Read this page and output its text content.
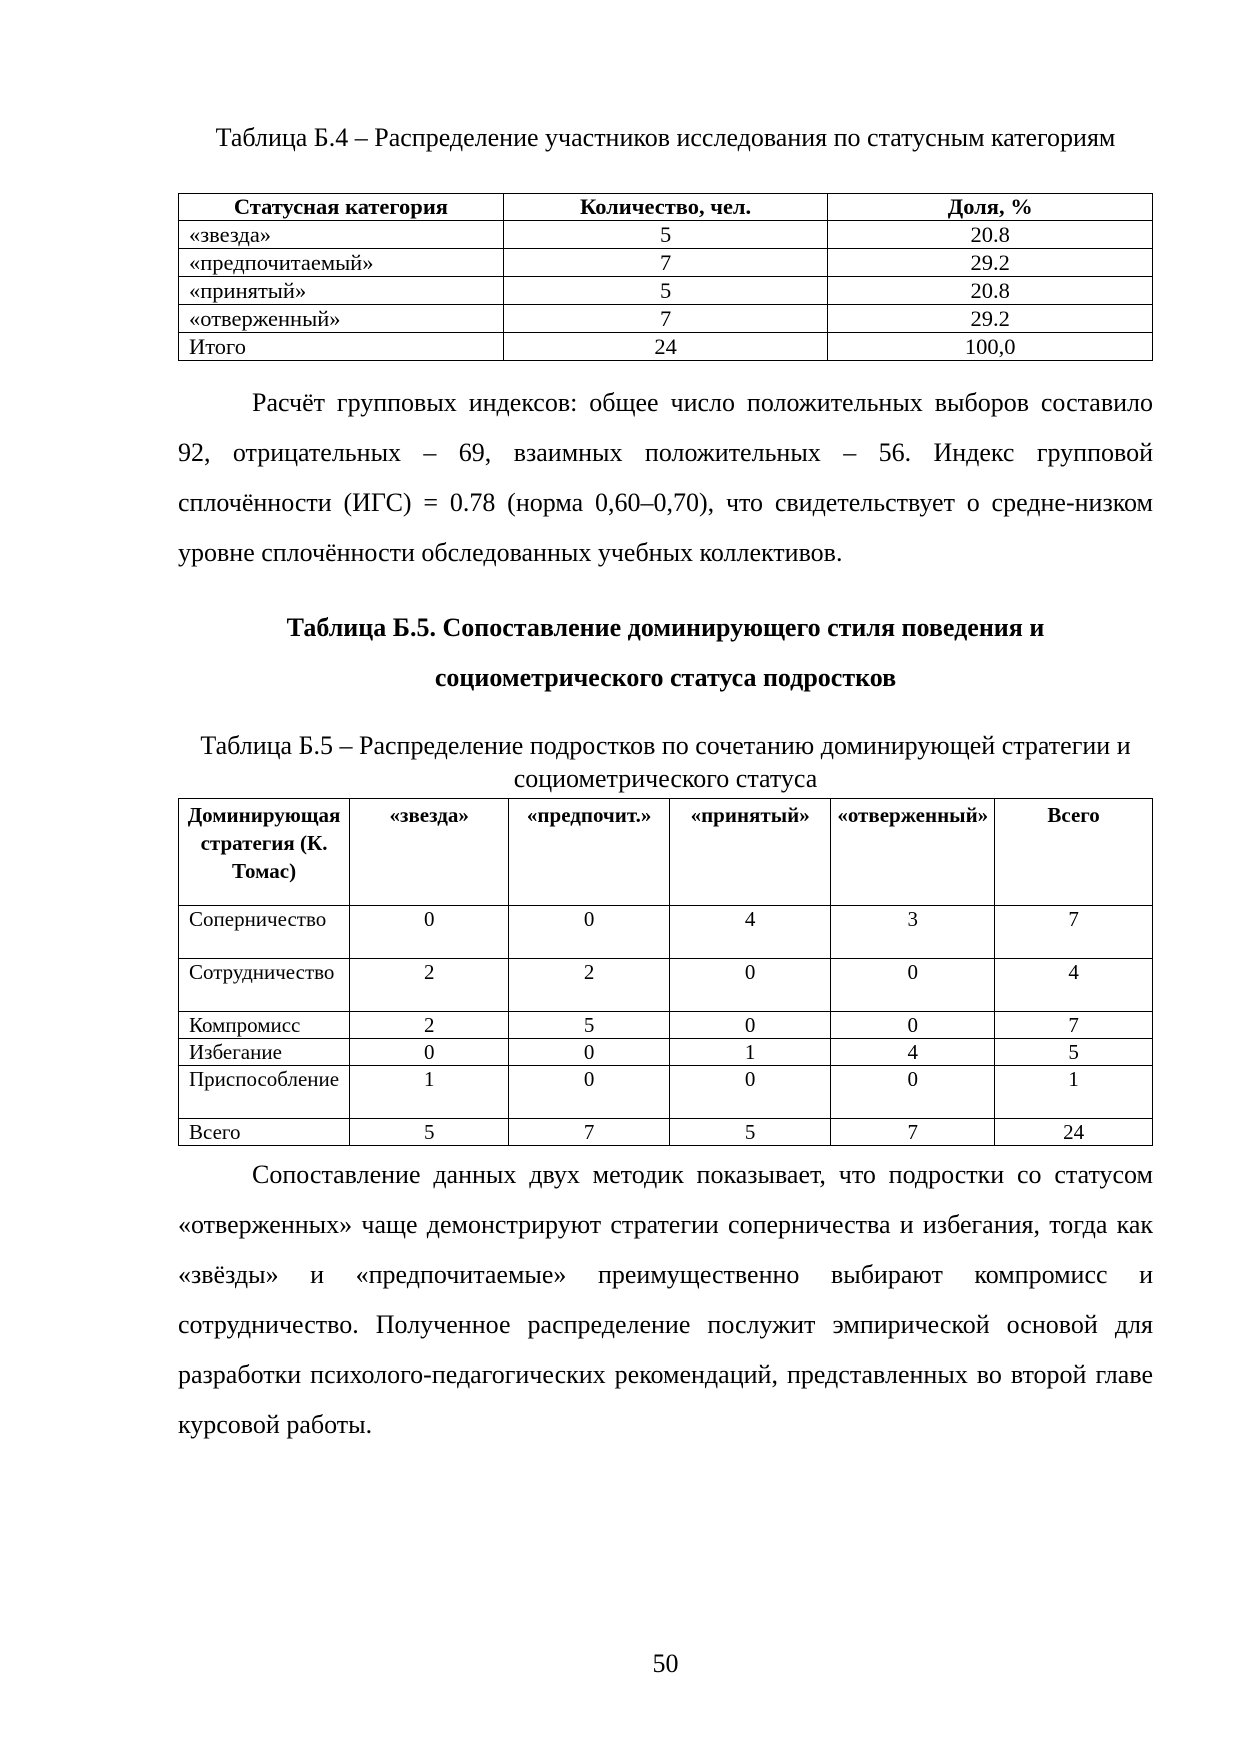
Таблица Б.4 – Распределение участников исследования по статусным категориям
Статусная категория	Количество, чел.	Доля, %
«звезда»	5	20.8
«предпочитаемый»	7	29.2
«принятый»	5	20.8
«отверженный»	7	29.2
Итого	24	100,0
Расчёт групповых индексов: общее число положительных выборов составило 92, отрицательных – 69, взаимных положительных – 56. Индекс групповой сплочённости (ИГС) = 0.78 (норма 0,60–0,70), что свидетельствует о средне-низком уровне сплочённости обследованных учебных коллективов.
Таблица Б.5. Сопоставление доминирующего стиля поведения и социометрического статуса подростков
Таблица Б.5 – Распределение подростков по сочетанию доминирующей стратегии и социометрического статуса
Доминирующая стратегия (К. Томас)	«звезда»	«предпочит.»	«принятый»	«отверженный»	Всего
Соперничество	0	0	4	3	7
Сотрудничество	2	2	0	0	4
Компромисс	2	5	0	0	7
Избегание	0	0	1	4	5
Приспособление	1	0	0	0	1
Всего	5	7	5	7	24
Сопоставление данных двух методик показывает, что подростки со статусом «отверженных» чаще демонстрируют стратегии соперничества и избегания, тогда как «звёзды» и «предпочитаемые» преимущественно выбирают компромисс и сотрудничество. Полученное распределение послужит эмпирической основой для разработки психолого-педагогических рекомендаций, представленных во второй главе курсовой работы.
50
